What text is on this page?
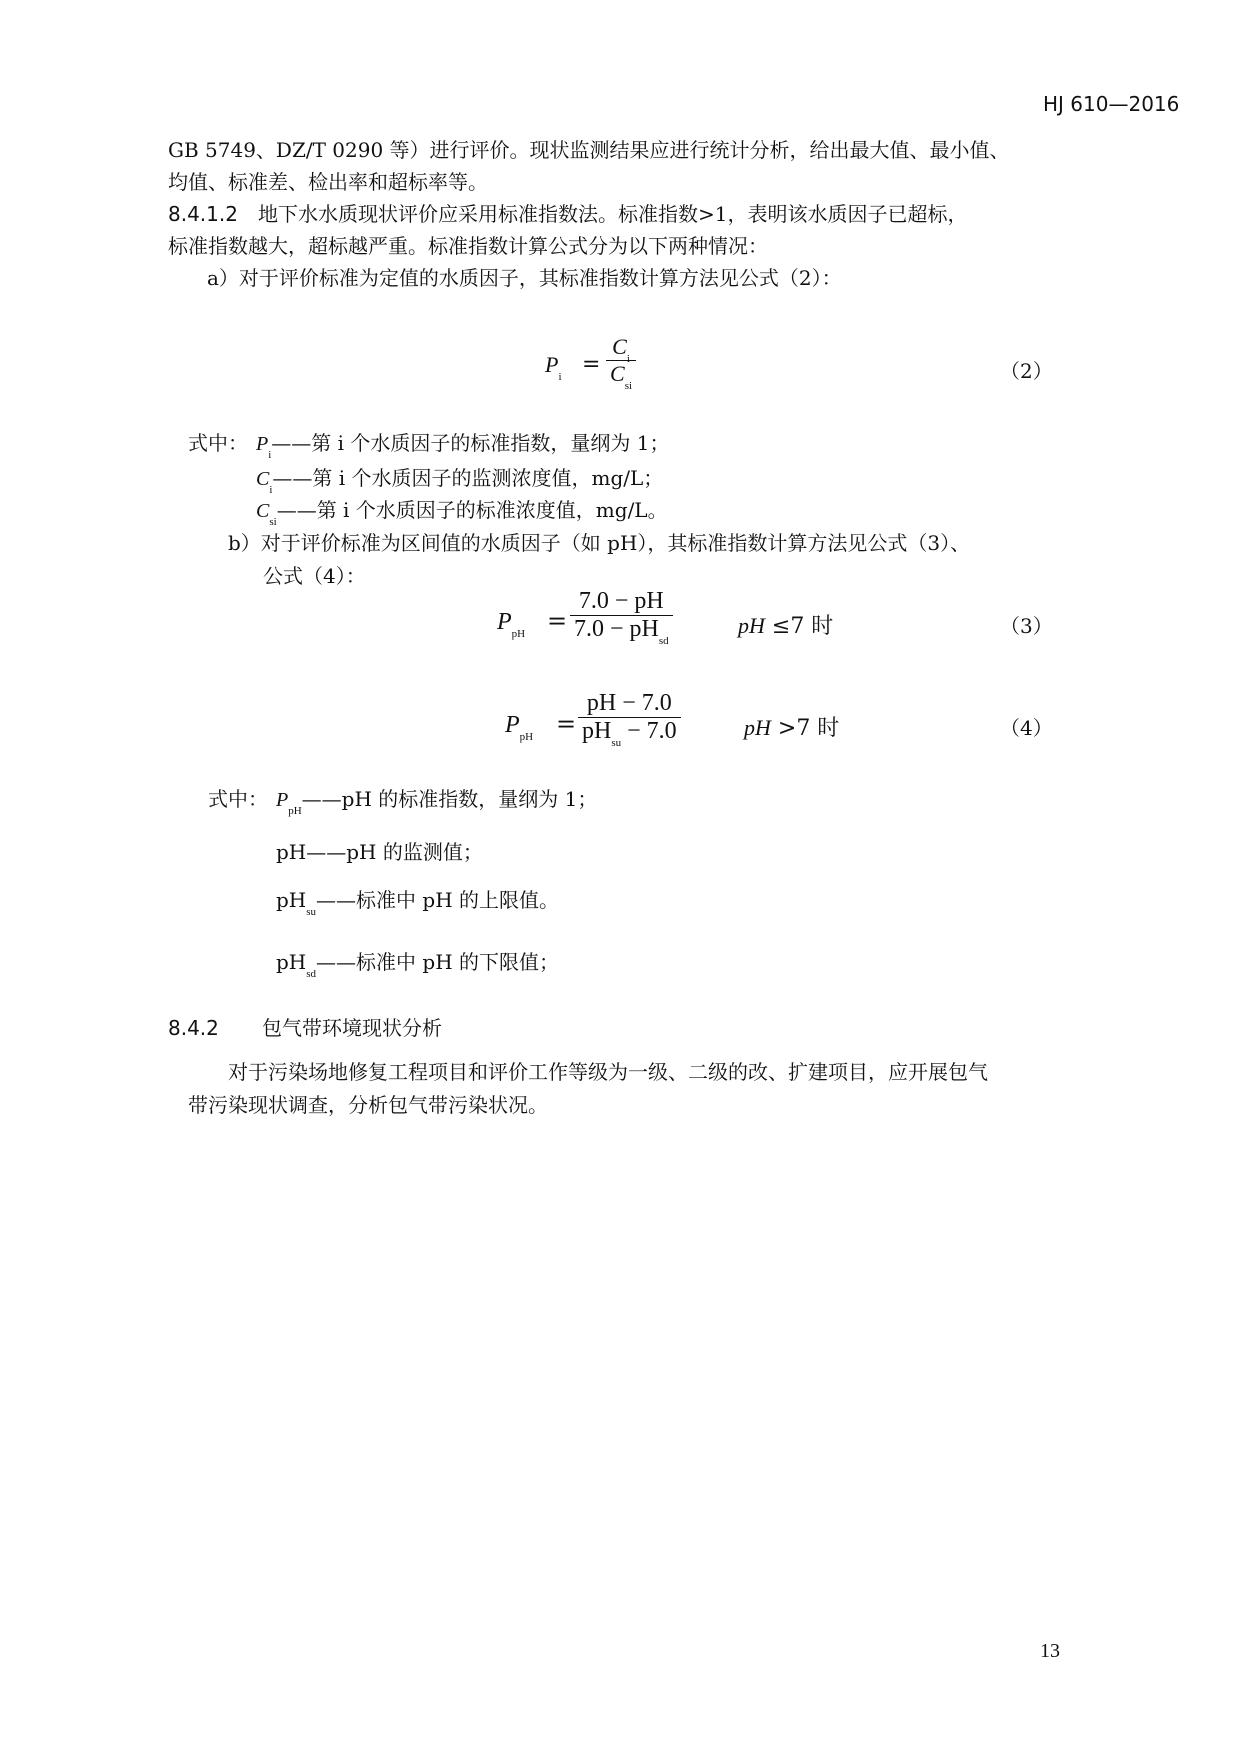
HJ 610—2016
GB 5749、DZ/T 0290 等）进行评价。现状监测结果应进行统计分析，给出最大值、最小值、
均值、标准差、检出率和超标率等。
8.4.1.2 地下水水质现状评价应采用标准指数法。标准指数>1，表明该水质因子已超标，
标准指数越大，超标越严重。标准指数计算公式分为以下两种情况：
a）对于评价标准为定值的水质因子，其标准指数计算方法见公式（2）：
$P_i$ =
$C_i$
$C_{si}$
（2）
式中： $P_i——$第 i 个水质因子的标准指数，量纲为 1；
$C_i——$第 i 个水质因子的监测浓度值，mg/L；
$C_{si}——$第 i 个水质因子的标准浓度值，mg/L。
b）对于评价标准为区间值的水质因子（如 pH），其标准指数计算方法见公式（3）、
公式（4）：
$P_{pH}$ =
7.0 − pH
$7.0 - pH_{sd}$
pH ≤7 时	（3）
$P_{pH}$ =
pH − 7.0
$pH_{su} - 7.0$	pH >7 时	（4）
式中： $P_{pH}——pH$ 的标准指数，量纲为 1；
pH——pH 的监测值；
$pH_{su}——$标准中 pH 的上限值。
$pH_{sd}——$标准中 pH 的下限值；
8.4.2 包气带环境现状分析
对于污染场地修复工程项目和评价工作等级为一级、二级的改、扩建项目，应开展包气
带污染现状调查，分析包气带污染状况。
13
